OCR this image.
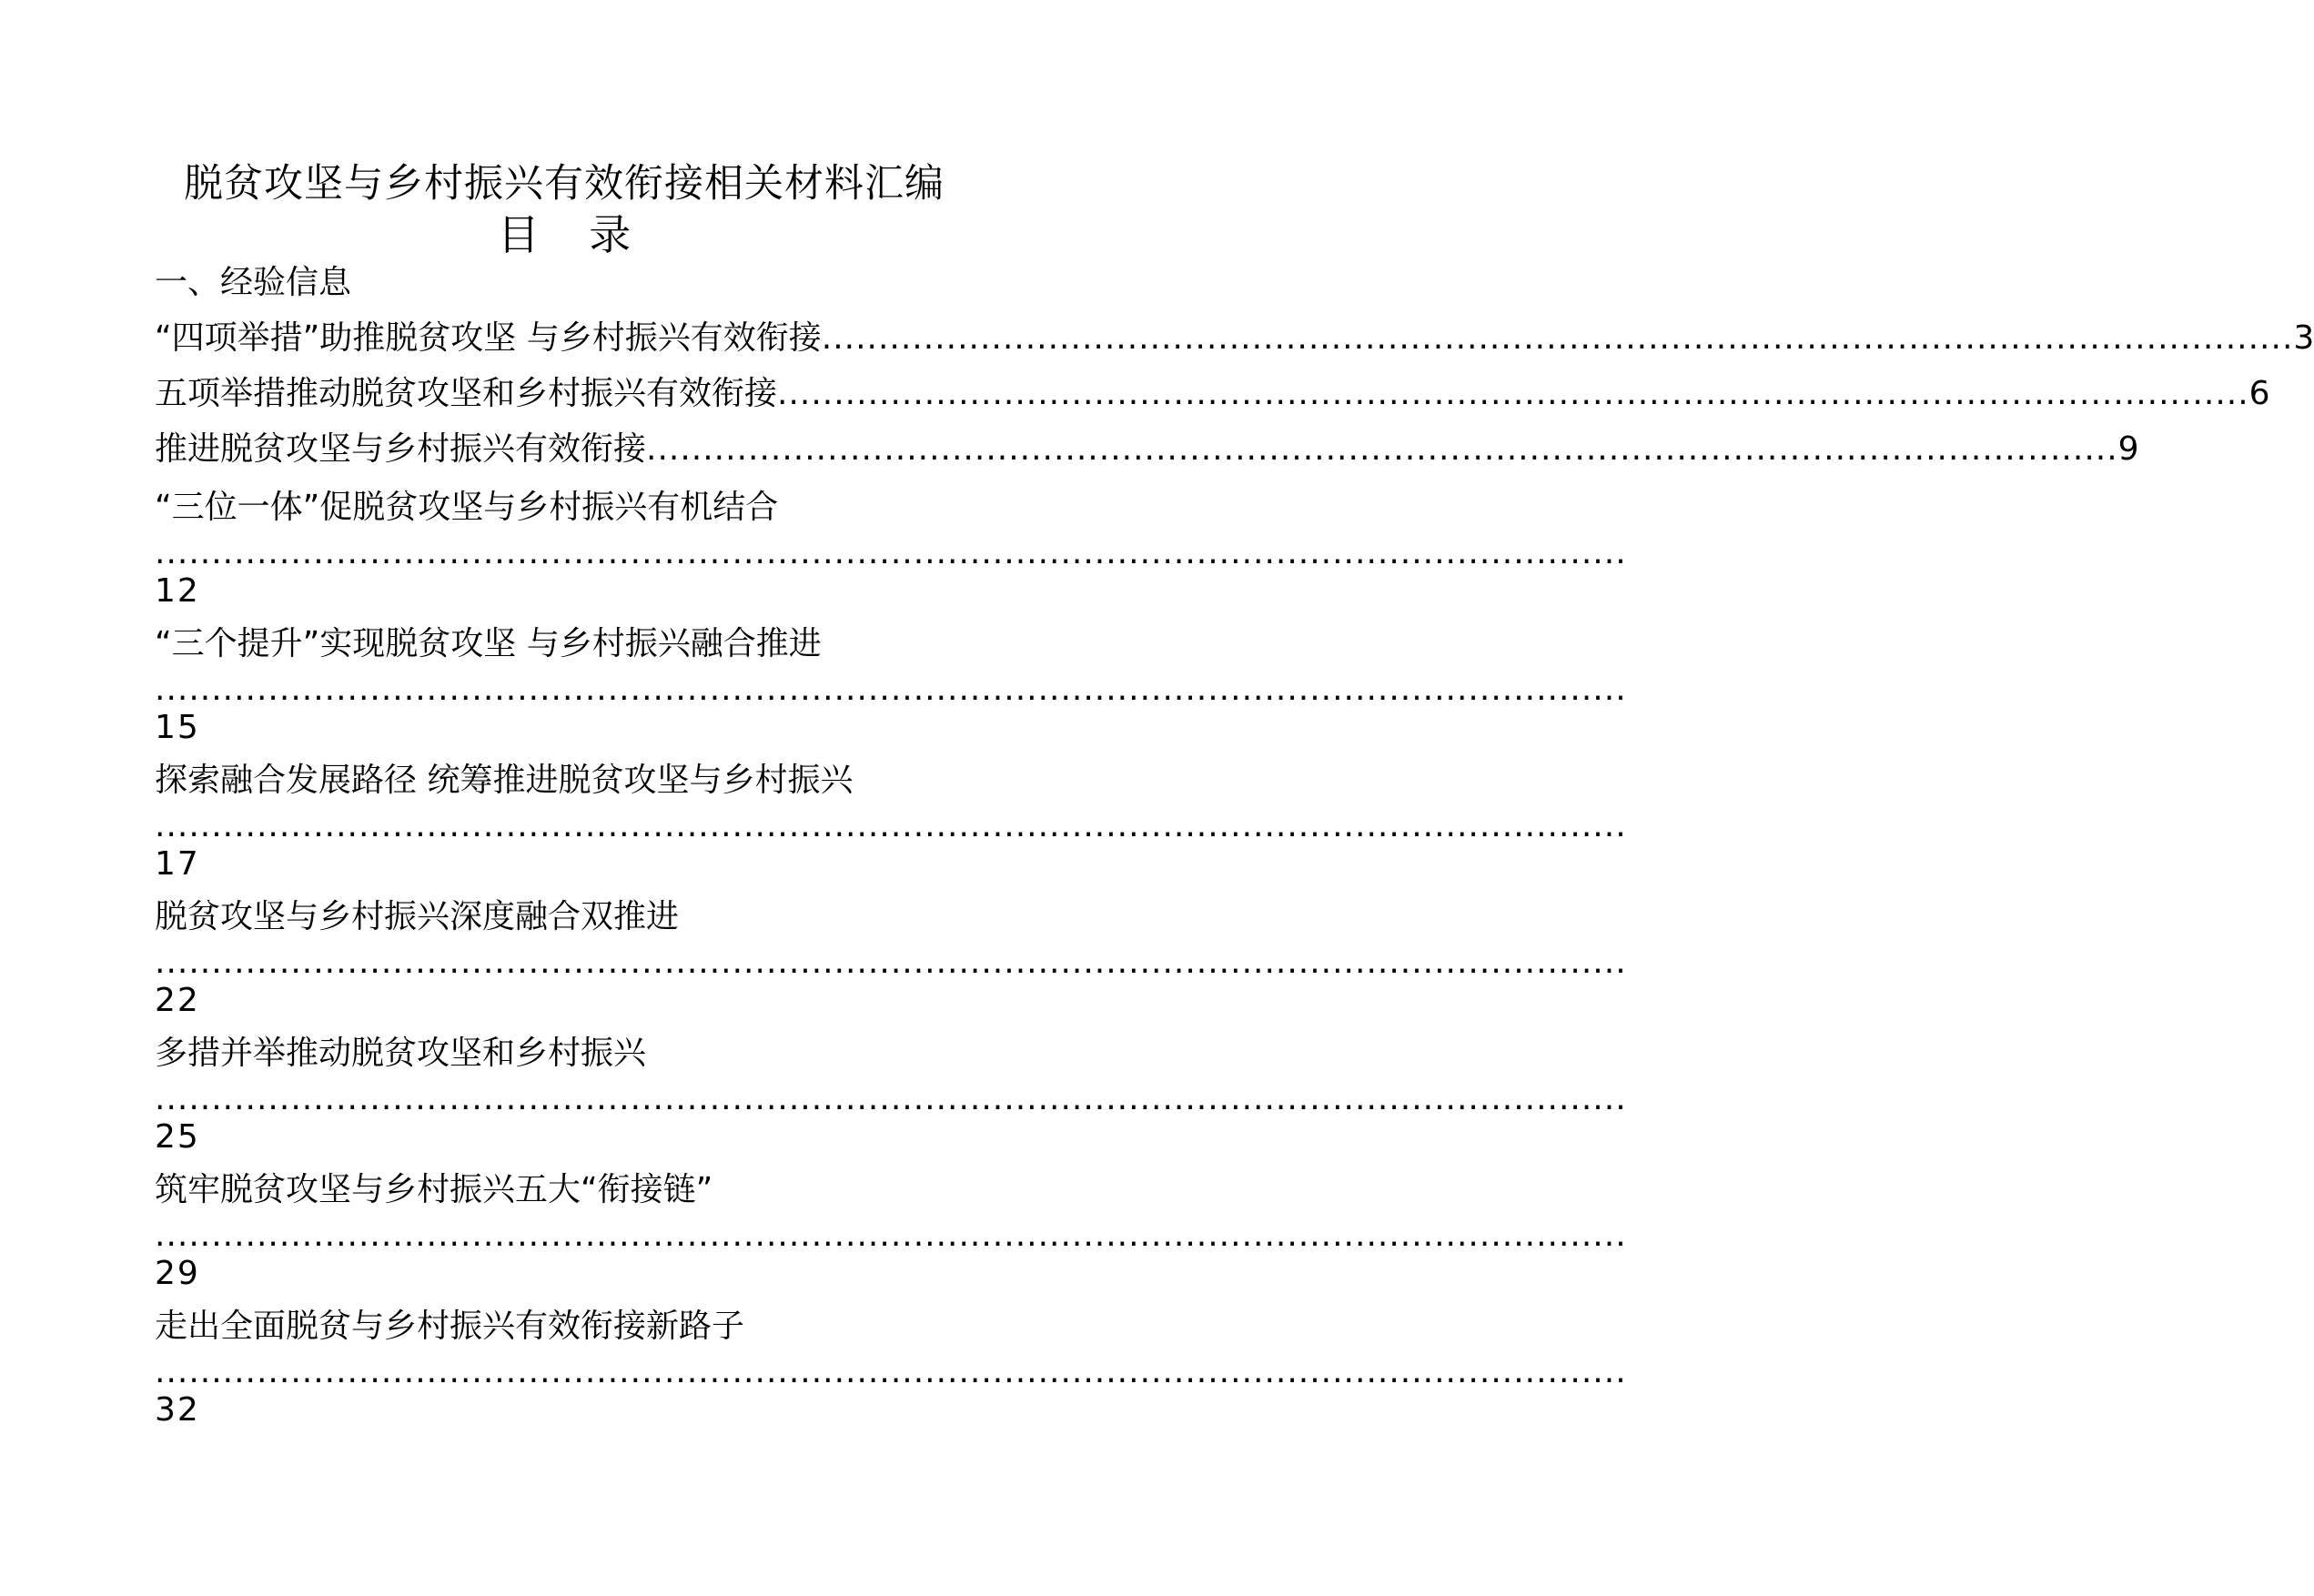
脱贫攻坚与乡村振兴有效衔接相关材料汇编
目 录
一、经验信息
“四项举措”助推脱贫攻坚 与乡村振兴有效衔接 .................................................................................................................................. 3
五项举措推动脱贫攻坚和乡村振兴有效衔接 .................................................................................................................................. 6
推进脱贫攻坚与乡村振兴有效衔接 .................................................................................................................................. 9
“三位一体”促脱贫攻坚与乡村振兴有机结合
..................................................................................................................................
12
“三个提升”实现脱贫攻坚 与乡村振兴融合推进
..................................................................................................................................
15
探索融合发展路径 统筹推进脱贫攻坚与乡村振兴
..................................................................................................................................
17
脱贫攻坚与乡村振兴深度融合双推进
..................................................................................................................................
22
多措并举推动脱贫攻坚和乡村振兴
..................................................................................................................................
25
筑牢脱贫攻坚与乡村振兴五大“衔接链”
..................................................................................................................................
29
走出全面脱贫与乡村振兴有效衔接新路子
..................................................................................................................................
32
